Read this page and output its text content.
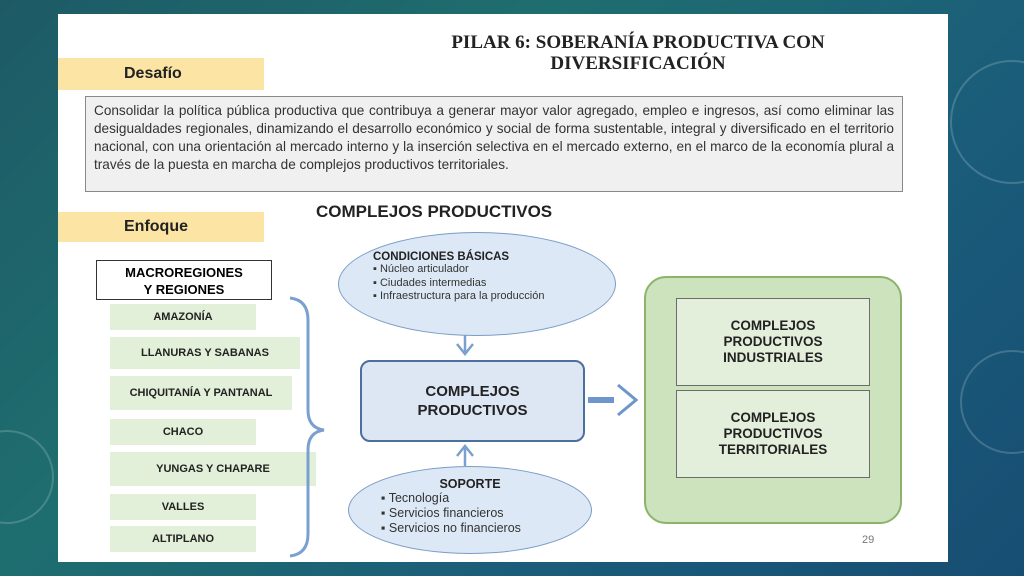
PILAR 6: SOBERANÍA PRODUCTIVA CON
DIVERSIFICACIÓN
Desafío
Consolidar la política pública productiva que contribuya a generar mayor valor agregado, empleo e ingresos, así como eliminar las desigualdades regionales, dinamizando el desarrollo económico y social de forma sustentable, integral y diversificado en el territorio nacional, con una orientación al mercado interno y la inserción selectiva en el mercado externo, en el marco de la economía plural a través de la puesta en marcha de complejos productivos territoriales.
Enfoque
COMPLEJOS PRODUCTIVOS
MACROREGIONES
Y REGIONES
AMAZONÍA
LLANURAS Y SABANAS
CHIQUITANÍA Y PANTANAL
CHACO
YUNGAS Y CHAPARE
VALLES
ALTIPLANO
CONDICIONES BÁSICAS
▪ Núcleo articulador
▪ Ciudades intermedias
▪ Infraestructura para la producción
COMPLEJOS
PRODUCTIVOS
SOPORTE
▪ Tecnología
▪ Servicios financieros
▪ Servicios no financieros
COMPLEJOS
PRODUCTIVOS
INDUSTRIALES
COMPLEJOS
PRODUCTIVOS
TERRITORIALES
29
